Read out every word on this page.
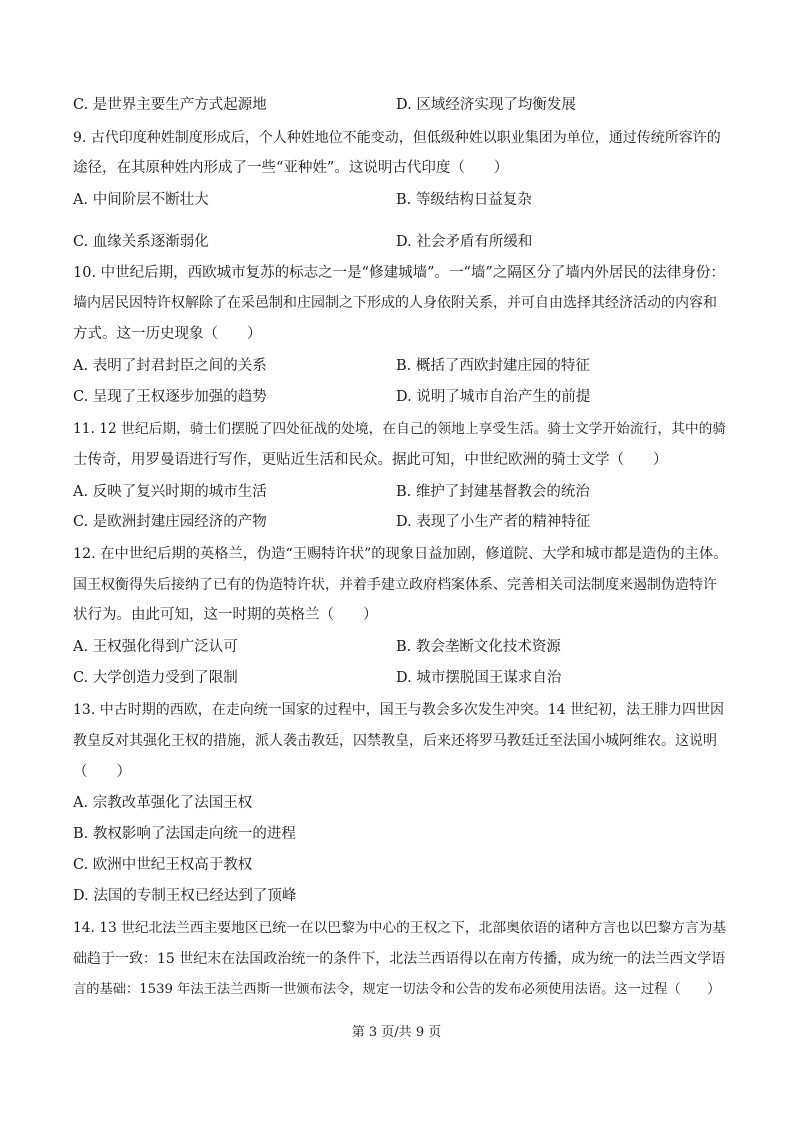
C. 是世界主要生产方式起源地	D. 区域经济实现了均衡发展
9. 古代印度种姓制度形成后，个人种姓地位不能变动，但低级种姓以职业集团为单位，通过传统所容许的
途径，在其原种姓内形成了一些“亚种姓”。这说明古代印度（　　）
A. 中间阶层不断壮大	B. 等级结构日益复杂
C. 血缘关系逐渐弱化	D. 社会矛盾有所缓和
10. 中世纪后期，西欧城市复苏的标志之一是“修建城墙”。一“墙”之隔区分了墙内外居民的法律身份：
墙内居民因特许权解除了在采邑制和庄园制之下形成的人身依附关系，并可自由选择其经济活动的内容和
方式。这一历史现象（　　）
A. 表明了封君封臣之间的关系	B. 概括了西欧封建庄园的特征
C. 呈现了王权逐步加强的趋势	D. 说明了城市自治产生的前提
11. 12 世纪后期，骑士们摆脱了四处征战的处境，在自己的领地上享受生活。骑士文学开始流行，其中的骑
士传奇，用罗曼语进行写作，更贴近生活和民众。据此可知，中世纪欧洲的骑士文学（　　）
A. 反映了复兴时期的城市生活	B. 维护了封建基督教会的统治
C. 是欧洲封建庄园经济的产物	D. 表现了小生产者的精神特征
12. 在中世纪后期的英格兰，伪造“王赐特许状”的现象日益加剧，修道院、大学和城市都是造伪的主体。
国王权衡得失后接纳了已有的伪造特许状，并着手建立政府档案体系、完善相关司法制度来遏制伪造特许
状行为。由此可知，这一时期的英格兰（　　）
A. 王权强化得到广泛认可	B. 教会垄断文化技术资源
C. 大学创造力受到了限制	D. 城市摆脱国王谋求自治
13. 中古时期的西欧，在走向统一国家的过程中，国王与教会多次发生冲突。14 世纪初，法王腓力四世因
教皇反对其强化王权的措施，派人袭击教廷，囚禁教皇，后来还将罗马教廷迁至法国小城阿维农。这说明
（　　）
A. 宗教改革强化了法国王权
B. 教权影响了法国走向统一的进程
C. 欧洲中世纪王权高于教权
D. 法国的专制王权已经达到了顶峰
14. 13 世纪北法兰西主要地区已统一在以巴黎为中心的王权之下，北部奥依语的诸种方言也以巴黎方言为基
础趋于一致：15 世纪末在法国政治统一的条件下，北法兰西语得以在南方传播，成为统一的法兰西文学语
言的基础：1539 年法王法兰西斯一世颁布法令，规定一切法令和公告的发布必须使用法语。这一过程（　　）
第 3 页/共 9 页
